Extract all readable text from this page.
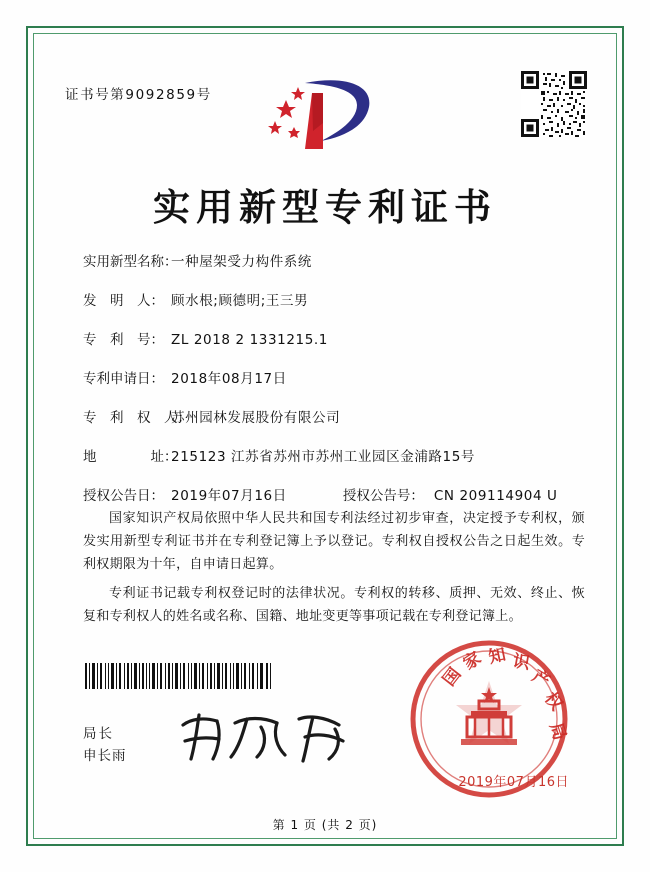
证书号第9092859号
实用新型专利证书
实用新型名称：
一种屋架受力构件系统
发　明　人： 顾水根;顾德明;王三男
专　利　号： ZL 2018 2 1331215.1
专利申请日： 2018年08月17日
专　利　权　人：
苏州园林发展股份有限公司
地　　　　址：
215123 江苏省苏州市苏州工业园区金浦路15号
授权公告日： 2019年07月16日	授权公告号： CN 209114904 U

国家知识产权局依照中华人民共和国专利法经过初步审查，决定授予专利权，颁发实用新型专利证书并在专利登记簿上予以登记。专利权自授权公告之日起生效。专利权期限为十年，自申请日起算。

专利证书记载专利权登记时的法律状况。专利权的转移、质押、无效、终止、恢复和专利权人的姓名或名称、国籍、地址变更等事项记载在专利登记簿上。

局长
申长雨
国
家 知 识
产
权
局
2019年07月16日
第 1 页 (共 2 页)
